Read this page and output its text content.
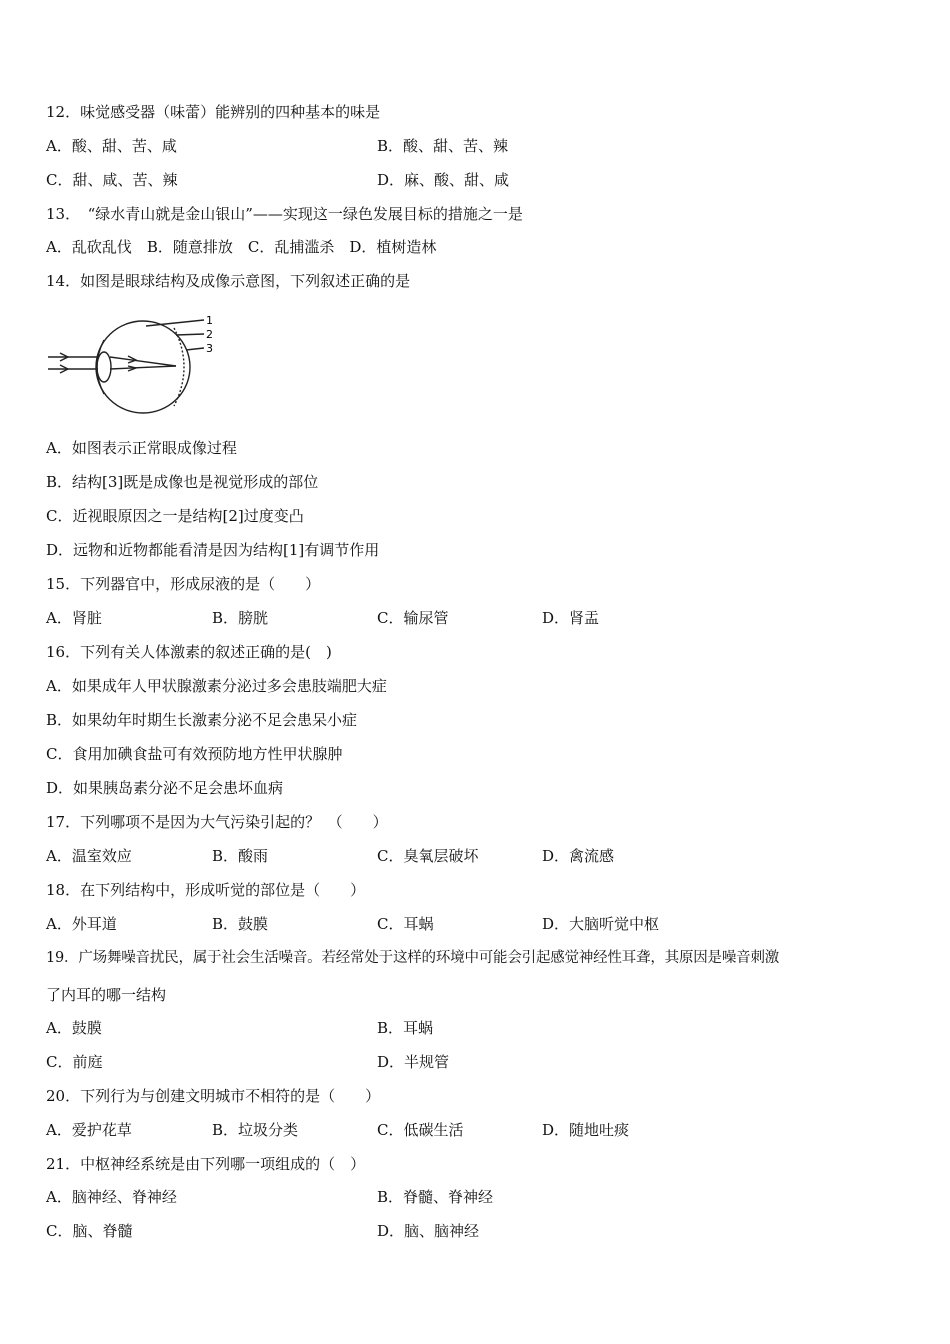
12．味觉感受器（味蕾）能辨别的四种基本的味是
A．酸、甜、苦、咸	B．酸、甜、苦、辣
C．甜、咸、苦、辣	D．麻、酸、甜、咸
13．　“绿水青山就是金山银山”——实现这一绿色发展目标的措施之一是
A．乱砍乱伐　B．随意排放　C．乱捕滥杀　D．植树造林
14．如图是眼球结构及成像示意图，下列叙述正确的是
1
2
3
A．如图表示正常眼成像过程
B．结构[3]既是成像也是视觉形成的部位
C．近视眼原因之一是结构[2]过度变凸
D．远物和近物都能看清是因为结构[1]有调节作用
15．下列器官中，形成尿液的是（　　）
A．肾脏	B．膀胱	C．输尿管	D．肾盂
16．下列有关人体激素的叙述正确的是(　)
A．如果成年人甲状腺激素分泌过多会患肢端肥大症
B．如果幼年时期生长激素分泌不足会患呆小症
C．食用加碘食盐可有效预防地方性甲状腺肿
D．如果胰岛素分泌不足会患坏血病
17．下列哪项不是因为大气污染引起的？　（　　）
A．温室效应	B．酸雨	C．臭氧层破坏	D．禽流感
18．在下列结构中，形成听觉的部位是（　　）
A．外耳道	B．鼓膜	C．耳蜗	D．大脑听觉中枢
19．广场舞噪音扰民，属于社会生活噪音。若经常处于这样的环境中可能会引起感觉神经性耳聋，其原因是噪音刺激
了内耳的哪一结构
A．鼓膜	B．耳蜗
C．前庭	D．半规管
20．下列行为与创建文明城市不相符的是（　　）
A．爱护花草	B．垃圾分类	C．低碳生活	D．随地吐痰
21．中枢神经系统是由下列哪一项组成的（　）
A．脑神经、脊神经	B．脊髓、脊神经
C．脑、脊髓	D．脑、脑神经
